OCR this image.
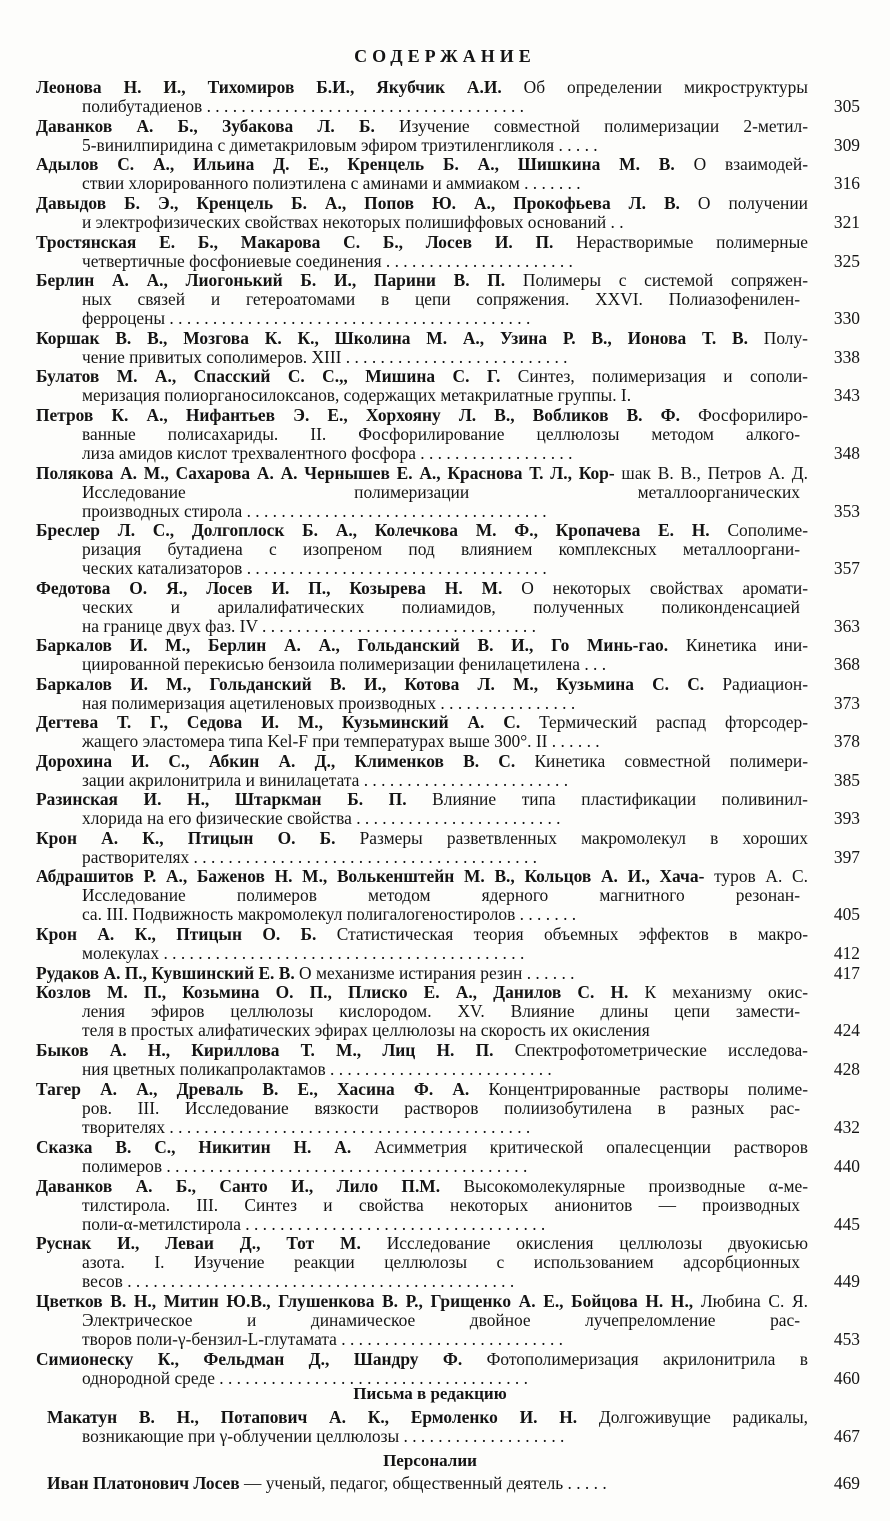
СОДЕРЖАНИЕ
Леонова Н. И., Тихомиров Б.И., Якубчик А.И. Об определении микроструктуры
полибутадиенов . . . . . . . . . . . . . . . . . . . . . . . . . . . . . . . . . . . . .	305
Даванков А. Б., Зубакова Л. Б. Изучение совместной полимеризации 2-метил-
5-винилпиридина с диметакриловым эфиром триэтиленгликоля . . . . .	309
Адылов С. А., Ильина Д. Е., Кренцель Б. А., Шишкина М. В. О взаимодей-
ствии хлорированного полиэтилена с аминами и аммиаком . . . . . . .	316
Давыдов Б. Э., Кренцель Б. А., Попов Ю. А., Прокофьева Л. В. О получении
и электрофизических свойствах некоторых полишиффовых оснований . .	321
Тростянская Е. Б., Макарова С. Б., Лосев И. П. Нерастворимые полимерные
четвертичные фосфониевые соединения . . . . . . . . . . . . . . . . . . . . . .	325
Берлин А. А., Лиогонький Б. И., Парини В. П. Полимеры с системой сопряжен-
ных связей и гетероатомами в цепи сопряжения. XXVI. Полиазофенилен-
ферроцены . . . . . . . . . . . . . . . . . . . . . . . . . . . . . . . . . . . . . . . . . .	330
Коршак В. В., Мозгова К. К., Школина М. А., Узина Р. В., Ионова Т. В. Полу-
чение привитых сополимеров. XIII . . . . . . . . . . . . . . . . . . . . . . . . . .	338
Булатов М. А., Спасский С. С.,, Мишина С. Г. Синтез, полимеризация и сополи-
меризация полиорганосилоксанов, содержащих метакрилатные группы. I.	343
Петров К. А., Нифантьев Э. Е., Хорхояну Л. В., Вобликов В. Ф. Фосфорилиро-
ванные полисахариды. II. Фосфорилирование целлюлозы методом алкого-
лиза амидов кислот трехвалентного фосфора . . . . . . . . . . . . . . . . . .	348
Полякова А. М., Сахарова А. А. Чернышев Е. А., Краснова Т. Л., Кор- шак В. В., Петров А. Д.
Исследование полимеризации металлоорганических
производных стирола . . . . . . . . . . . . . . . . . . . . . . . . . . . . . . . . . . .	353
Бреслер Л. С., Долгоплоск Б. А., Колечкова М. Ф., Кропачева Е. Н. Сополиме-
ризация бутадиена с изопреном под влиянием комплексных металлооргани-
ческих катализаторов . . . . . . . . . . . . . . . . . . . . . . . . . . . . . . . . . . .	357
Федотова О. Я., Лосев И. П., Козырева Н. М. О некоторых свойствах аромати-
ческих и арилалифатических полиамидов, полученных поликонденсацией
на границе двух фаз. IV . . . . . . . . . . . . . . . . . . . . . . . . . . . . . . . .	363
Баркалов И. М., Берлин А. А., Гольданский В. И., Го Минь-гао. Кинетика ини-
циированной перекисью бензоила полимеризации фенилацетилена . . .	368
Баркалов И. М., Гольданский В. И., Котова Л. М., Кузьмина С. С. Радиацион-
ная полимеризация ацетиленовых производных . . . . . . . . . . . . . . . .	373
Дегтева Т. Г., Седова И. М., Кузьминский А. С. Термический распад фторсодер-
жащего эластомера типа Kel-F при температурах выше 300°. II . . . . . .	378
Дорохина И. С., Абкин А. Д., Клименков В. С. Кинетика совместной полимери-
зации акрилонитрила и винилацетата . . . . . . . . . . . . . . . . . . . . . . . .	385
Разинская И. Н., Штаркман Б. П. Влияние типа пластификации поливинил-
хлорида на его физические свойства . . . . . . . . . . . . . . . . . . . . . . . .	393
Крон А. К., Птицын О. Б. Размеры разветвленных макромолекул в хороших
растворителях . . . . . . . . . . . . . . . . . . . . . . . . . . . . . . . . . . . . . . . .	397
Абдрашитов Р. А., Баженов Н. М., Волькенштейн М. В., Кольцов А. И., Хача- туров А. С.
Исследование полимеров методом ядерного магнитного резонан-
са. III. Подвижность макромолекул полигалогеностиролов . . . . . . .	405
Крон А. К., Птицын О. Б. Статистическая теория объемных эффектов в макро-
молекулах . . . . . . . . . . . . . . . . . . . . . . . . . . . . . . . . . . . . . . . . . .	412
Рудаков А. П., Кувшинский Е. В. О механизме истирания резин . . . . . .	417
Козлов М. П., Козьмина О. П., Плиско Е. А., Данилов С. Н. К механизму окис-
ления эфиров целлюлозы кислородом. XV. Влияние длины цепи замести-
теля в простых алифатических эфирах целлюлозы на скорость их окисления	424
Быков А. Н., Кириллова Т. М., Лиц Н. П. Спектрофотометрические исследова-
ния цветных поликапролактамов . . . . . . . . . . . . . . . . . . . . . . . . . .	428
Тагер А. А., Древаль В. Е., Хасина Ф. А. Концентрированные растворы полиме-
ров. III. Исследование вязкости растворов полиизобутилена в разных рас-
творителях . . . . . . . . . . . . . . . . . . . . . . . . . . . . . . . . . . . . . . . . . .	432
Сказка В. С., Никитин Н. А. Асимметрия критической опалесценции растворов
полимеров . . . . . . . . . . . . . . . . . . . . . . . . . . . . . . . . . . . . . . . . . .	440
Даванков А. Б., Санто И., Лило П.М. Высокомолекулярные производные α-ме-
тилстирола. III. Синтез и свойства некоторых анионитов — производных
поли-α-метилстирола . . . . . . . . . . . . . . . . . . . . . . . . . . . . . . . . . . .	445
Руснак И., Леваи Д., Тот М. Исследование окисления целлюлозы двуокисью
азота. I. Изучение реакции целлюлозы с использованием адсорбционных
весов . . . . . . . . . . . . . . . . . . . . . . . . . . . . . . . . . . . . . . . . . . . . .	449
Цветков В. Н., Митин Ю.В., Глушенкова В. Р., Грищенко А. Е., Бойцова Н. Н., Любина С. Я.
Электрическое и динамическое двойное лучепреломление рас-
творов поли-γ-бензил-L-глутамата . . . . . . . . . . . . . . . . . . . . . . . . . .	453
Симионеску К., Фельдман Д., Шандру Ф. Фотополимеризация акрилонитрила в
однородной среде . . . . . . . . . . . . . . . . . . . . . . . . . . . . . . . . . . . .	460
Письма в редакцию
Макатун В. Н., Потапович А. К., Ермоленко И. Н. Долгоживущие радикалы,
возникающие при γ-облучении целлюлозы . . . . . . . . . . . . . . . . . . .	467
Персоналии
Иван Платонович Лосев — ученый, педагог, общественный деятель . . . . .	469
